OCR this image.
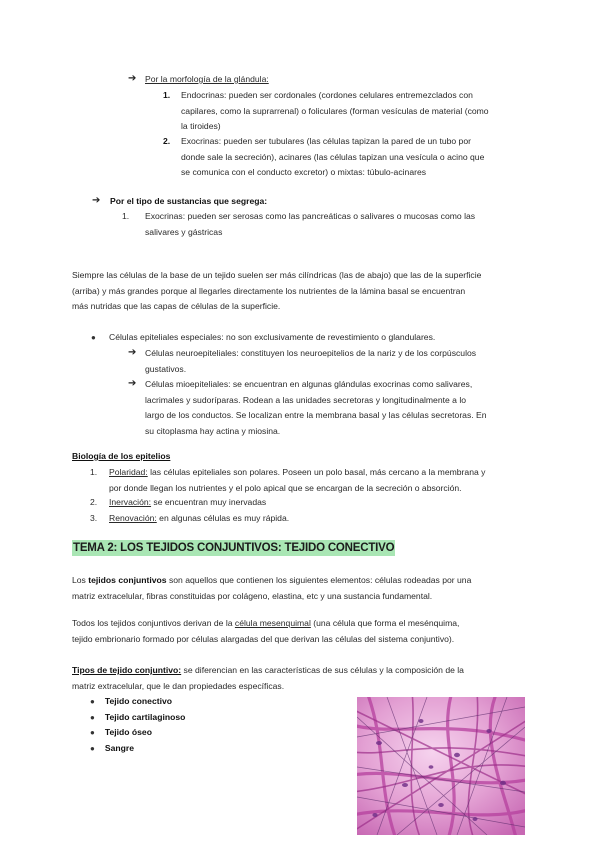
➔ Por la morfología de la glándula:
1. Endocrinas: pueden ser cordonales (cordones celulares entremezclados con
capilares, como la suprarrenal) o foliculares (forman vesículas de material (como
la tiroides)
2. Exocrinas: pueden ser tubulares (las células tapizan la pared de un tubo por
donde sale la secreción), acinares (las células tapizan una vesícula o acino que
se comunica con el conducto excretor) o mixtas: túbulo-acinares
➔ Por el tipo de sustancias que segrega:
1. Exocrinas: pueden ser serosas como las pancreáticas o salivares o mucosas como las
salivares y gástricas
Siempre las células de la base de un tejido suelen ser más cilíndricas (las de abajo) que las de la superficie
(arriba) y más grandes porque al llegarles directamente los nutrientes de la lámina basal se encuentran
más nutridas que las capas de células de la superficie.
● Células epiteliales especiales: no son exclusivamente de revestimiento o glandulares.
➔ Células neuroepiteliales: constituyen los neuroepitelios de la nariz y de los corpúsculos
gustativos.
➔ Células mioepiteliales: se encuentran en algunas glándulas exocrinas como salivares,
lacrimales y sudoríparas. Rodean a las unidades secretoras y longitudinalmente a lo
largo de los conductos. Se localizan entre la membrana basal y las células secretoras. En
su citoplasma hay actina y miosina.
Biología de los epitelios
1. Polaridad: las células epiteliales son polares. Poseen un polo basal, más cercano a la membrana y
por donde llegan los nutrientes y el polo apical que se encargan de la secreción o absorción.
2. Inervación: se encuentran muy inervadas
3. Renovación: en algunas células es muy rápida.
TEMA 2: LOS TEJIDOS CONJUNTIVOS: TEJIDO CONECTIVO
Los tejidos conjuntivos son aquellos que contienen los siguientes elementos: células rodeadas por una
matriz extracelular, fibras constituidas por colágeno, elastina, etc y una sustancia fundamental.
Todos los tejidos conjuntivos derivan de la célula mesenquimal (una célula que forma el mesénquima,
tejido embrionario formado por células alargadas del que derivan las células del sistema conjuntivo).
Tipos de tejido conjuntivo: se diferencian en las características de sus células y la composición de la
matriz extracelular, que le dan propiedades específicas.
● Tejido conectivo
● Tejido cartilaginoso
● Tejido óseo
● Sangre
